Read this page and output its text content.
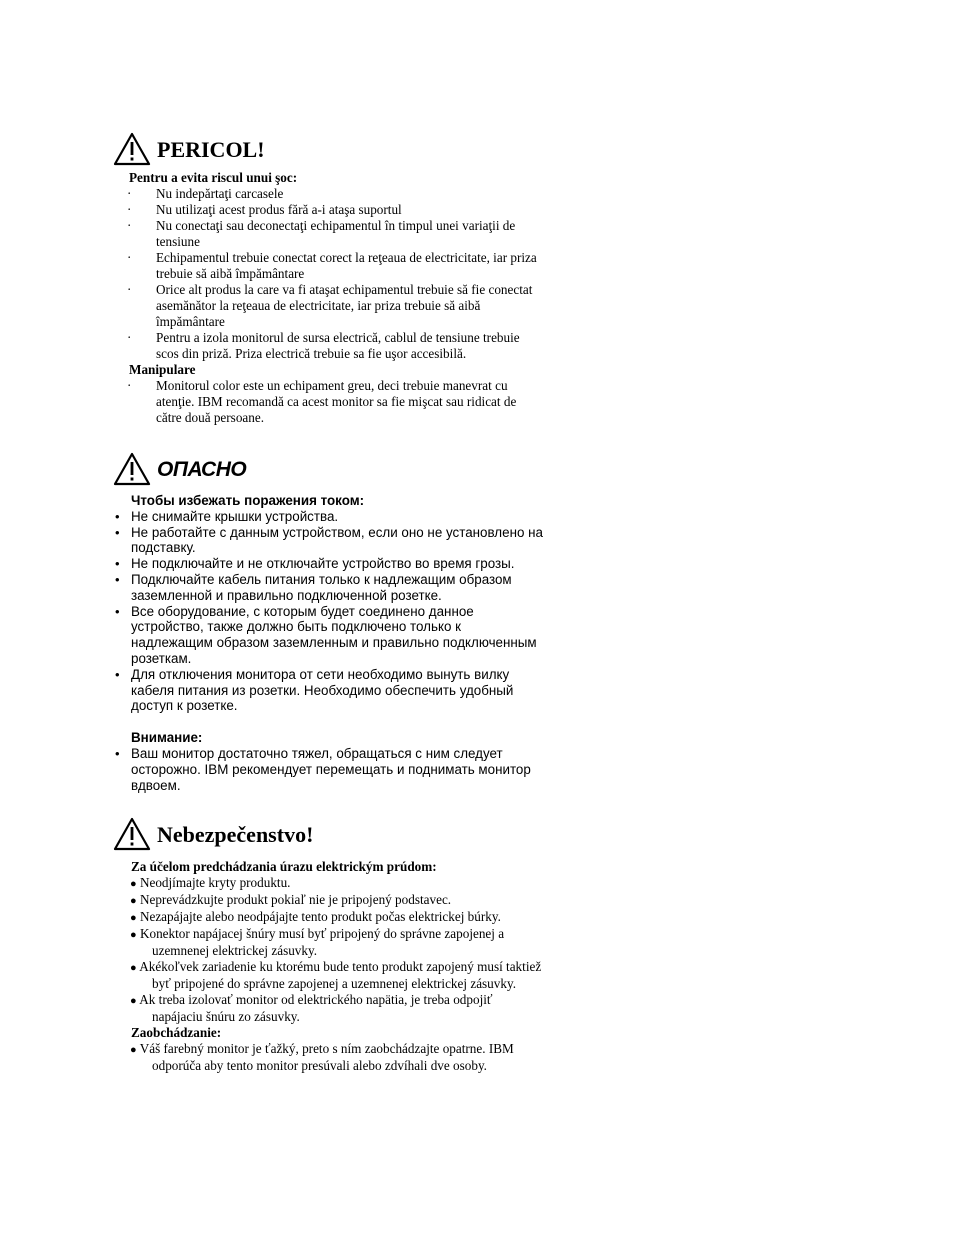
PERICOL!
Pentru a evita riscul unui şoc:
· Nu indepărtaţi carcasele
· Nu utilizaţi acest produs fără a-i ataşa suportul
· Nu conectaţi sau deconectaţi echipamentul în timpul unei variaţii de tensiune
· Echipamentul trebuie conectat corect la reţeaua de electricitate, iar priza trebuie să aibă împământare
· Orice alt produs la care va fi ataşat echipamentul trebuie să fie conectat asemănător la reţeaua de electricitate, iar priza trebuie să aibă împământare
· Pentru a izola monitorul de sursa electrică, cablul de tensiune trebuie scos din priză. Priza electrică trebuie sa fie uşor accesibilă.
Manipulare
· Monitorul color este un echipament greu, deci trebuie manevrat cu atenţie. IBM recomandă ca acest monitor sa fie mişcat sau ridicat de către două persoane.
ОПАСНО
Чтобы избежать поражения током:
• Не снимайте крышки устройства.
• Не работайте с данным устройством, если оно не установлено на подставку.
• Не подключайте и не отключайте устройство во время грозы.
• Подключайте кабель питания только к надлежащим образом заземленной и правильно подключенной розетке.
• Все оборудование, с которым будет соединено данное устройство, также должно быть подключено только к надлежащим образом заземленным и правильно подключенным розеткам.
• Для отключения монитора от сети необходимо вынуть вилку кабеля питания из розетки. Необходимо обеспечить удобный доступ к розетке.
Внимание:
• Ваш монитор достаточно тяжел, обращаться с ним следует осторожно. IBM рекомендует перемещать и поднимать монитор вдвоем.
Nebezpečenstvo!
Za účelom predchádzania úrazu elektrickým prúdom:
● Neodjímajte kryty produktu.
● Neprevádzkujte produkt pokiaľ nie je pripojený podstavec.
● Nezapájajte alebo neodpájajte tento produkt počas elektrickej búrky.
● Konektor napájacej šnúry musí byť pripojený do správne zapojenej a uzemnenej elektrickej zásuvky.
● Akékoľvek zariadenie ku ktorému bude tento produkt zapojený musí taktiež byť pripojené do správne zapojenej a uzemnenej elektrickej zásuvky.
● Ak treba izolovať monitor od elektrického napätia, je treba odpojiť napájaciu šnúru zo zásuvky.
Zaobchádzanie:
● Váš farebný monitor je ťažký, preto s ním zaobchádzajte opatrne. IBM odporúča aby tento monitor presúvali alebo zdvíhali dve osoby.
